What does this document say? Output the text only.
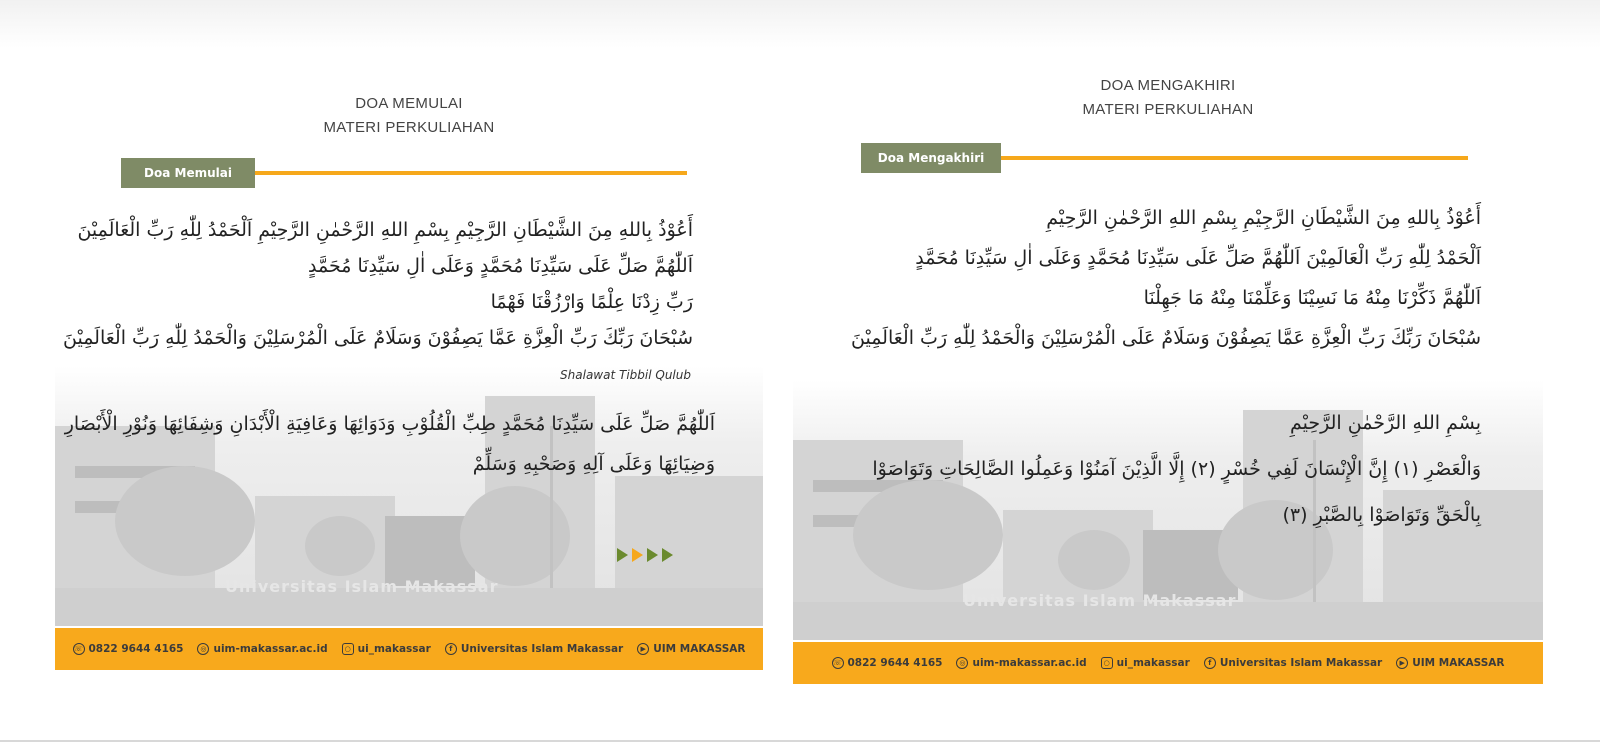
Universitas Islam Makassar
DOA MEMULAI
MATERI PERKULIAHAN
Doa Memulai
أَعُوْذُ بِاللهِ مِنَ الشَّيْطَانِ الرَّجِيْمِ بِسْمِ اللهِ الرَّحْمٰنِ الرَّحِيْمِ اَلْحَمْدُ لِلّٰهِ رَبِّ الْعَالَمِيْنَ
اَللّٰهُمَّ صَلِّ عَلَى سَيِّدِنَا مُحَمَّدٍ وَعَلَى اٰلِ سَيِّدِنَا مُحَمَّدٍ
رَبِّ زِدْنَا عِلْمًا وَارْزُقْنَا فَهْمًا
سُبْحَانَ رَبِّكَ رَبِّ الْعِزَّةِ عَمَّا يَصِفُوْنَ وَسَلَامٌ عَلَى الْمُرْسَلِيْنَ وَالْحَمْدُ لِلّٰهِ رَبِّ الْعَالَمِيْنَ
Shalawat Tibbil Qulub
اَللّٰهُمَّ صَلِّ عَلَى سَيِّدِنَا مُحَمَّدٍ طِبِّ الْقُلُوْبِ وَدَوَائِهَا وَعَافِيَةِ الْأَبْدَانِ وَشِفَائِهَا وَنُوْرِ الْأَبْصَارِ
وَضِيَائِهَا وَعَلَى آلِهِ وَصَحْبِهِ وَسَلِّمْ
☏ 0822 9644 4165	◎ uim-makassar.ac.id	○ ui_makassar	f Universitas Islam Makassar	▶ UIM MAKASSAR
Universitas Islam Makassar
DOA MENGAKHIRI
MATERI PERKULIAHAN
Doa Mengakhiri
أَعُوْذُ بِاللهِ مِنَ الشَّيْطَانِ الرَّجِيْمِ بِسْمِ اللهِ الرَّحْمٰنِ الرَّحِيْمِ
اَلْحَمْدُ لِلّٰهِ رَبِّ الْعَالَمِيْنَ اَللّٰهُمَّ صَلِّ عَلَى سَيِّدِنَا مُحَمَّدٍ وَعَلَى اٰلِ سَيِّدِنَا مُحَمَّدٍ
اَللّٰهُمَّ ذَكِّرْنَا مِنْهُ مَا نَسِيْنَا وَعَلِّمْنَا مِنْهُ مَا جَهِلْنَا
سُبْحَانَ رَبِّكَ رَبِّ الْعِزَّةِ عَمَّا يَصِفُوْنَ وَسَلَامٌ عَلَى الْمُرْسَلِيْنَ وَالْحَمْدُ لِلّٰهِ رَبِّ الْعَالَمِيْنَ
بِسْمِ اللهِ الرَّحْمٰنِ الرَّحِيْمِ
وَالْعَصْرِ (١) إِنَّ الْإِنْسَانَ لَفِي خُسْرٍ (٢) إِلَّا الَّذِيْنَ آمَنُوْا وَعَمِلُوا الصَّالِحَاتِ وَتَوَاصَوْا
بِالْحَقِّ وَتَوَاصَوْا بِالصَّبْرِ (٣)
☏ 0822 9644 4165	◎ uim-makassar.ac.id	○ ui_makassar	f Universitas Islam Makassar	▶ UIM MAKASSAR
